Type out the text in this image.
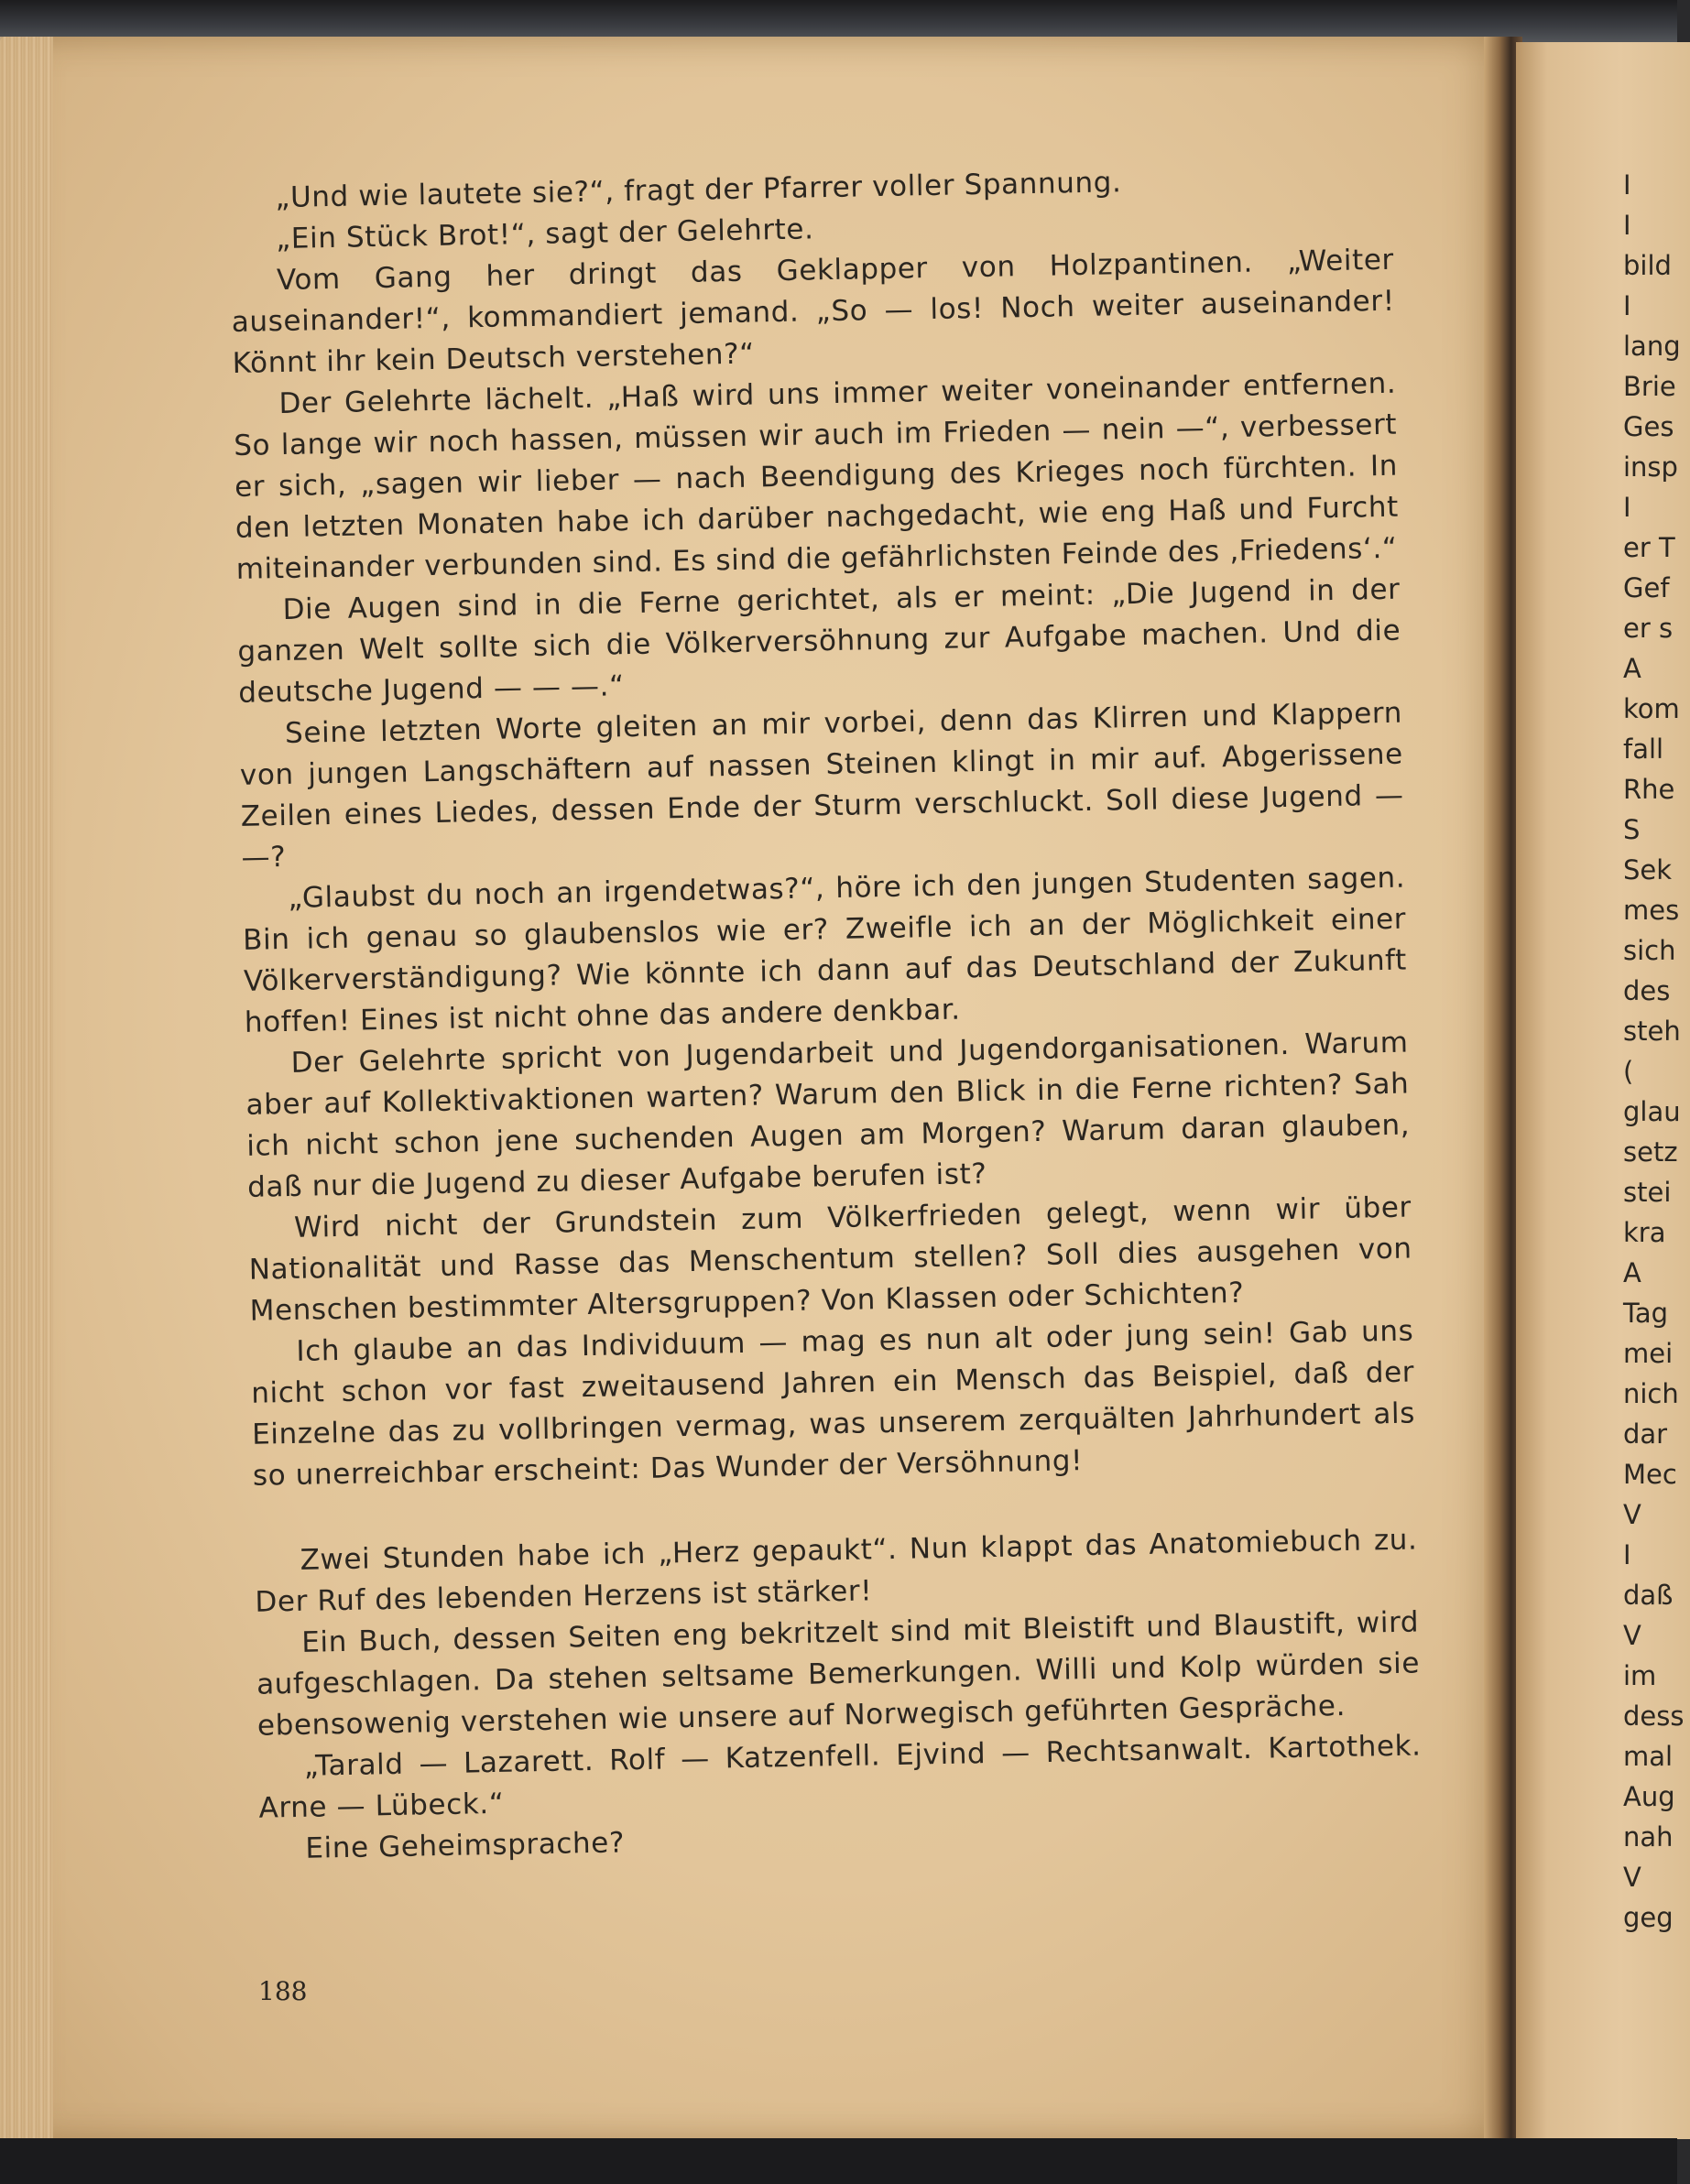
„Und wie lautete sie?“, fragt der Pfarrer voller Spannung.

„Ein Stück Brot!“, sagt der Gelehrte.

Vom Gang her dringt das Geklapper von Holzpantinen. „Weiter auseinander!“, kommandiert jemand. „So — los! Noch weiter auseinander! Könnt ihr kein Deutsch verstehen?“

Der Gelehrte lächelt. „Haß wird uns immer weiter voneinander entfernen. So lange wir noch hassen, müssen wir auch im Frieden — nein —“, verbessert er sich, „sagen wir lieber — nach Beendigung des Krieges noch fürchten. In den letzten Monaten habe ich darüber nachgedacht, wie eng Haß und Furcht miteinander verbunden sind. Es sind die gefährlichsten Feinde des ‚Friedens‘.“

Die Augen sind in die Ferne gerichtet, als er meint: „Die Jugend in der ganzen Welt sollte sich die Völkerversöhnung zur Aufgabe machen. Und die deutsche Jugend — — —.“

Seine letzten Worte gleiten an mir vorbei, denn das Klirren und Klappern von jungen Langschäftern auf nassen Steinen klingt in mir auf. Abgerissene Zeilen eines Liedes, dessen Ende der Sturm verschluckt. Soll diese Jugend — —?

„Glaubst du noch an irgendetwas?“, höre ich den jungen Studenten sagen. Bin ich genau so glaubenslos wie er? Zweifle ich an der Möglichkeit einer Völkerverständigung? Wie könnte ich dann auf das Deutschland der Zukunft hoffen! Eines ist nicht ohne das andere denkbar.

Der Gelehrte spricht von Jugendarbeit und Jugendorganisationen. Warum aber auf Kollektivaktionen warten? Warum den Blick in die Ferne richten? Sah ich nicht schon jene suchenden Augen am Morgen? Warum daran glauben, daß nur die Jugend zu dieser Aufgabe berufen ist?

Wird nicht der Grundstein zum Völkerfrieden gelegt, wenn wir über Nationalität und Rasse das Menschentum stellen? Soll dies ausgehen von Menschen bestimmter Altersgruppen? Von Klassen oder Schichten?

Ich glaube an das Individuum — mag es nun alt oder jung sein! Gab uns nicht schon vor fast zweitausend Jahren ein Mensch das Beispiel, daß der Einzelne das zu vollbringen vermag, was unserem zerquälten Jahrhundert als so unerreichbar erscheint: Das Wunder der Versöhnung!

Zwei Stunden habe ich „Herz gepaukt“. Nun klappt das Anatomiebuch zu. Der Ruf des lebenden Herzens ist stärker!

Ein Buch, dessen Seiten eng bekritzelt sind mit Bleistift und Blaustift, wird aufgeschlagen. Da stehen seltsame Bemerkungen. Willi und Kolp würden sie ebensowenig verstehen wie unsere auf Norwegisch geführten Gespräche.

„Tarald — Lazarett. Rolf — Katzenfell. Ejvind — Rechtsanwalt. Kartothek. Arne — Lübeck.“

Eine Geheimsprache?

188
I
I
bild
I
lang
Brie
Ges
insp
I
er T
Gef
er s
A
kom
fall
Rhe
S
Sek
mes
sich
des
steh
(
glau
setz
stei
kra
A
Tag
mei
nich
dar
Mec
V
I
daß
V
im
dess
mal
Aug
nah
V
geg
